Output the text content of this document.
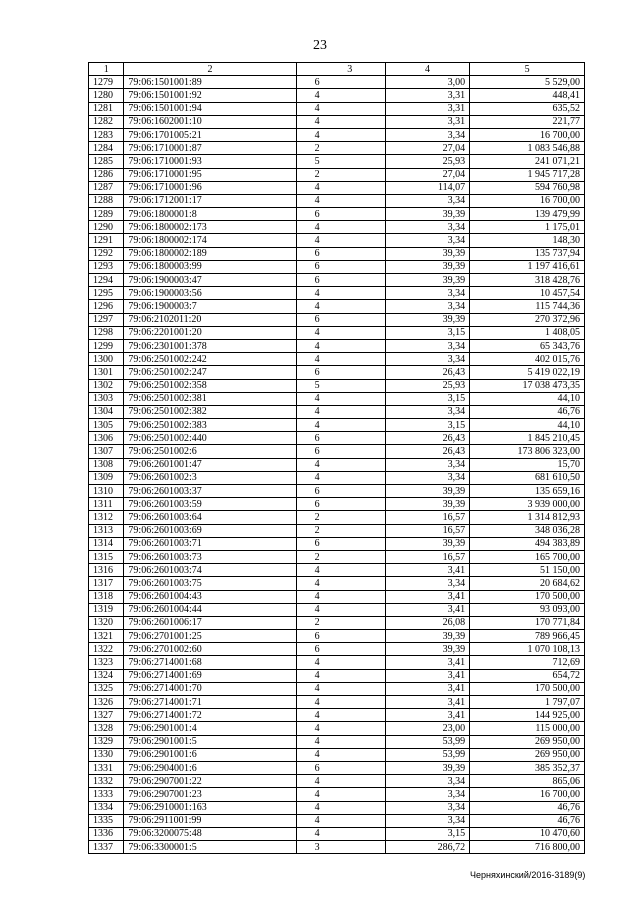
23
1	2	3	4	5
1279	79:06:1501001:89	6	3,00	5 529,00
1280	79:06:1501001:92	4	3,31	448,41
1281	79:06:1501001:94	4	3,31	635,52
1282	79:06:1602001:10	4	3,31	221,77
1283	79:06:1701005:21	4	3,34	16 700,00
1284	79:06:1710001:87	2	27,04	1 083 546,88
1285	79:06:1710001:93	5	25,93	241 071,21
1286	79:06:1710001:95	2	27,04	1 945 717,28
1287	79:06:1710001:96	4	114,07	594 760,98
1288	79:06:1712001:17	4	3,34	16 700,00
1289	79:06:1800001:8	6	39,39	139 479,99
1290	79:06:1800002:173	4	3,34	1 175,01
1291	79:06:1800002:174	4	3,34	148,30
1292	79:06:1800002:189	6	39,39	135 737,94
1293	79:06:1800003:99	6	39,39	1 197 416,61
1294	79:06:1900003:47	6	39,39	318 428,76
1295	79:06:1900003:56	4	3,34	10 457,54
1296	79:06:1900003:7	4	3,34	115 744,36
1297	79:06:2102011:20	6	39,39	270 372,96
1298	79:06:2201001:20	4	3,15	1 408,05
1299	79:06:2301001:378	4	3,34	65 343,76
1300	79:06:2501002:242	4	3,34	402 015,76
1301	79:06:2501002:247	6	26,43	5 419 022,19
1302	79:06:2501002:358	5	25,93	17 038 473,35
1303	79:06:2501002:381	4	3,15	44,10
1304	79:06:2501002:382	4	3,34	46,76
1305	79:06:2501002:383	4	3,15	44,10
1306	79:06:2501002:440	6	26,43	1 845 210,45
1307	79:06:2501002:6	6	26,43	173 806 323,00
1308	79:06:2601001:47	4	3,34	15,70
1309	79:06:2601002:3	4	3,34	681 610,50
1310	79:06:2601003:37	6	39,39	135 659,16
1311	79:06:2601003:59	6	39,39	3 939 000,00
1312	79:06:2601003:64	2	16,57	1 314 812,93
1313	79:06:2601003:69	2	16,57	348 036,28
1314	79:06:2601003:71	6	39,39	494 383,89
1315	79:06:2601003:73	2	16,57	165 700,00
1316	79:06:2601003:74	4	3,41	51 150,00
1317	79:06:2601003:75	4	3,34	20 684,62
1318	79:06:2601004:43	4	3,41	170 500,00
1319	79:06:2601004:44	4	3,41	93 093,00
1320	79:06:2601006:17	2	26,08	170 771,84
1321	79:06:2701001:25	6	39,39	789 966,45
1322	79:06:2701002:60	6	39,39	1 070 108,13
1323	79:06:2714001:68	4	3,41	712,69
1324	79:06:2714001:69	4	3,41	654,72
1325	79:06:2714001:70	4	3,41	170 500,00
1326	79:06:2714001:71	4	3,41	1 797,07
1327	79:06:2714001:72	4	3,41	144 925,00
1328	79:06:2901001:4	4	23,00	115 000,00
1329	79:06:2901001:5	4	53,99	269 950,00
1330	79:06:2901001:6	4	53,99	269 950,00
1331	79:06:2904001:6	6	39,39	385 352,37
1332	79:06:2907001:22	4	3,34	865,06
1333	79:06:2907001:23	4	3,34	16 700,00
1334	79:06:2910001:163	4	3,34	46,76
1335	79:06:2911001:99	4	3,34	46,76
1336	79:06:3200075:48	4	3,15	10 470,60
1337	79:06:3300001:5	3	286,72	716 800,00
Черняхинский/2016-3189(9)
